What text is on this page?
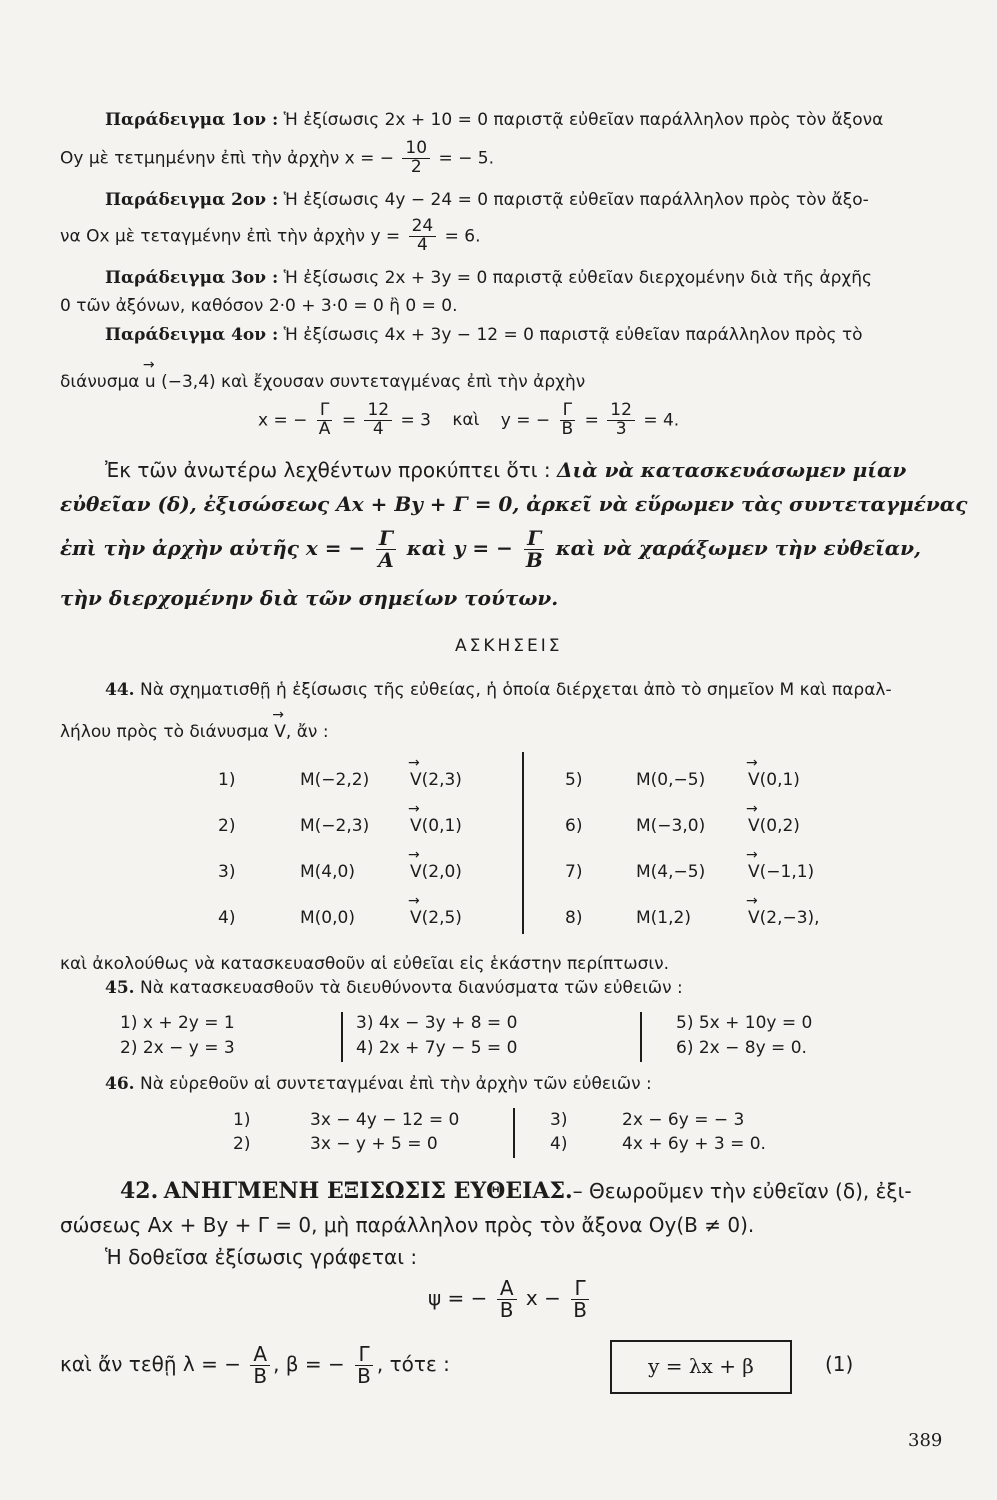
Παράδειγμα 1ον : Ἡ ἐξίσωσις 2x + 10 = 0 παριστᾷ εὐθεῖαν παράλληλον πρὸς τὸν ἄξονα
Oy μὲ τετμημένην ἐπὶ τὴν ἀρχὴν x = − $\frac{10}{2}$ = − 5.
Παράδειγμα 2ον : Ἡ ἐξίσωσις 4y − 24 = 0 παριστᾷ εὐθεῖαν παράλληλον πρὸς τὸν ἄξο-
να Ox μὲ τεταγμένην ἐπὶ τὴν ἀρχὴν $y = \frac{24}{4} = 6$.
Παράδειγμα 3ον : Ἡ ἐξίσωσις 2x + 3y = 0 παριστᾷ εὐθεῖαν διερχομένην διὰ τῆς ἀρχῆς
0 τῶν ἀξόνων, καθόσον 2·0 + 3·0 = 0 ἢ 0 = 0.
Παράδειγμα 4ον : Ἡ ἐξίσωσις 4x + 3y − 12 = 0 παριστᾷ εὐθεῖαν παράλληλον πρὸς τὸ
διάνυσμα → u (−3,4) καὶ ἔχουσαν συντεταγμένας ἐπὶ τὴν ἀρχὴν
x = − $\frac{\Gamma}{A} = \frac{12}{4} = 3$ καὶ y = − $\frac{\Gamma}{B} = \frac{12}{3} = 4$.
Ἐκ τῶν ἀνωτέρω λεχθέντων προκύπτει ὅτι : Διὰ νὰ κατασκευάσωμεν μίαν
εὐθεῖαν (δ), ἐξισώσεως Ax + By + Γ = 0, ἀρκεῖ νὰ εὕρωμεν τὰς συντεταγμένας
ἐπὶ τὴν ἀρχὴν αὐτῆς x = − $\frac{\Gamma}{A}$ καὶ y = − $\frac{\Gamma}{B}$ καὶ νὰ χαράξωμεν τὴν εὐθεῖαν,
τὴν διερχομένην διὰ τῶν σημείων τούτων.
ΑΣΚΗΣΕΙΣ
44. Νὰ σχηματισθῇ ἡ ἐξίσωσις τῆς εὐθείας, ἡ ὁποία διέρχεται ἀπὸ τὸ σημεῖον Μ καὶ παραλ-
λήλου πρὸς τὸ διάνυσμα → V, ἄν :
1)	M(−2,2) → V(2,3)
2)	M(−2,3) → V(0,1)
3)	M(4,0)	→ V(2,0)
4)	M(0,0)	→ V(2,5)
5)	M(0,−5)	→ V(0,1)
6)	M(−3,0)	→ V(0,2)
7)	M(4,−5)	→ V(−1,1)
8)	M(1,2)	→ V(2,−3),
καὶ ἀκολούθως νὰ κατασκευασθοῦν αἱ εὐθεῖαι εἰς ἑκάστην περίπτωσιν.
45. Νὰ κατασκευασθοῦν τὰ διευθύνοντα διανύσματα τῶν εὐθειῶν :
1) x + 2y = 1
2) 2x − y = 3
3) 4x − 3y + 8 = 0
4) 2x + 7y − 5 = 0
5) 5x + 10y = 0
6) 2x − 8y = 0.
46. Νὰ εὑρεθοῦν αἱ συντεταγμέναι ἐπὶ τὴν ἀρχὴν τῶν εὐθειῶν :
1)	3x − 4y − 12 = 0
2)	3x − y + 5 = 0
3)	2x − 6y = − 3
4)	4x + 6y + 3 = 0.
42. ΑΝΗΓΜΕΝΗ ΕΞΙΣΩΣΙΣ ΕΥΘΕΙΑΣ.– Θεωροῦμεν τὴν εὐθεῖαν (δ), ἐξι-
σώσεως Ax + By + Γ = 0, μὴ παράλληλον πρὸς τὸν ἄξονα Oy(B ≠ 0).
Ἡ δοθεῖσα ἐξίσωσις γράφεται :
ψ = − $\frac{A}{B}$ $x - \frac{\Gamma}{B}$
καὶ ἄν τεθῇ λ = − $\frac{A}{B}$ , β = − $\frac{\Gamma}{B}$ , τότε :	y = λx + β	(1)
389
